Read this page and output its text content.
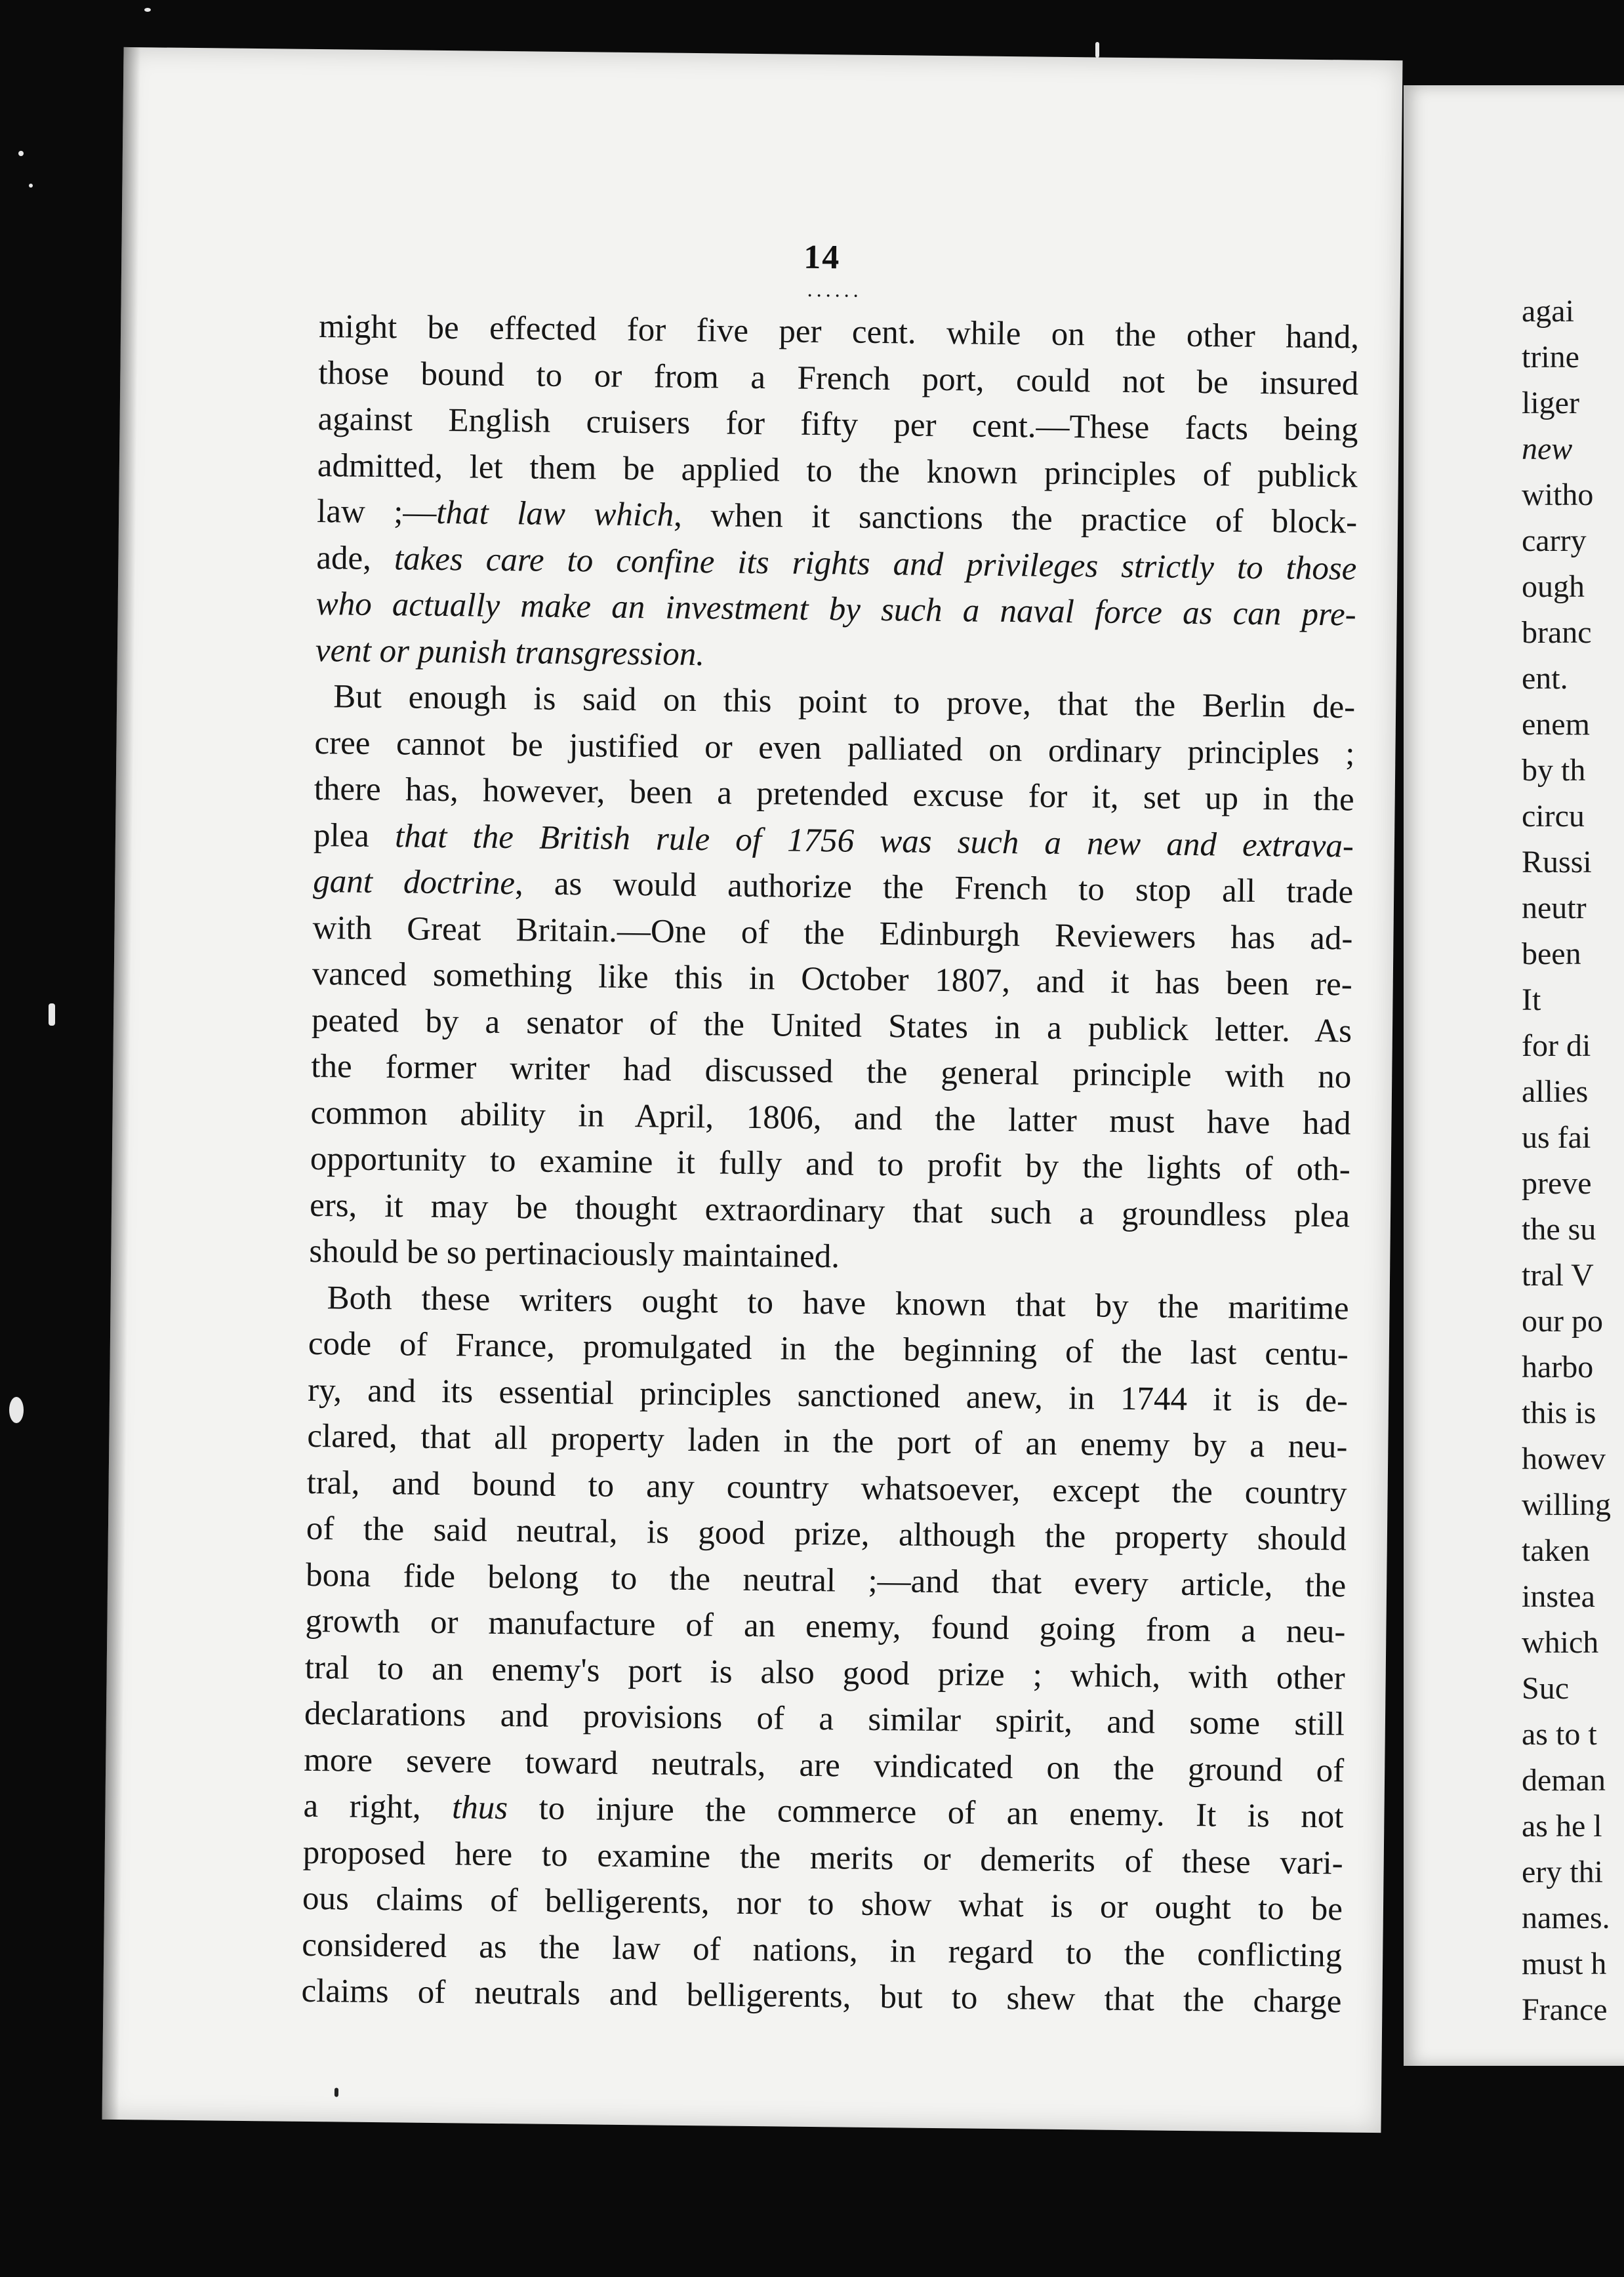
agai
trine
liger
new
witho
carry
ough
branc
ent.
enem
by th
circu
Russi
neutr
been
It
for di
allies
us fai
preve
the su
tral V
our po
harbo
this is
howev
willing
taken
instea
which
Suc
as to t
deman
as he l
ery thi
names.
must h
France
14
......
might be effected for five per cent. while on the other hand,
those bound to or from a French port, could not be insured
against English cruisers for fifty per cent.—These facts being
admitted, let them be applied to the known principles of publick
law ;—that law which, when it sanctions the practice of block-
ade, takes care to confine its rights and privileges strictly to those
who actually make an investment by such a naval force as can pre-
vent or punish transgression.
But enough is said on this point to prove, that the Berlin de-
cree cannot be justified or even palliated on ordinary principles ;
there has, however, been a pretended excuse for it, set up in the
plea that the British rule of 1756 was such a new and extrava-
gant doctrine, as would authorize the French to stop all trade
with Great Britain.—One of the Edinburgh Reviewers has ad-
vanced something like this in October 1807, and it has been re-
peated by a senator of the United States in a publick letter. As
the former writer had discussed the general principle with no
common ability in April, 1806, and the latter must have had
opportunity to examine it fully and to profit by the lights of oth-
ers, it may be thought extraordinary that such a groundless plea
should be so pertinaciously maintained.
Both these writers ought to have known that by the maritime
code of France, promulgated in the beginning of the last centu-
ry, and its essential principles sanctioned anew, in 1744 it is de-
clared, that all property laden in the port of an enemy by a neu-
tral, and bound to any country whatsoever, except the country
of the said neutral, is good prize, although the property should
bona fide belong to the neutral ;—and that every article, the
growth or manufacture of an enemy, found going from a neu-
tral to an enemy's port is also good prize ; which, with other
declarations and provisions of a similar spirit, and some still
more severe toward neutrals, are vindicated on the ground of
a right, thus to injure the commerce of an enemy. It is not
proposed here to examine the merits or demerits of these vari-
ous claims of belligerents, nor to show what is or ought to be
considered as the law of nations, in regard to the conflicting
claims of neutrals and belligerents, but to shew that the charge
